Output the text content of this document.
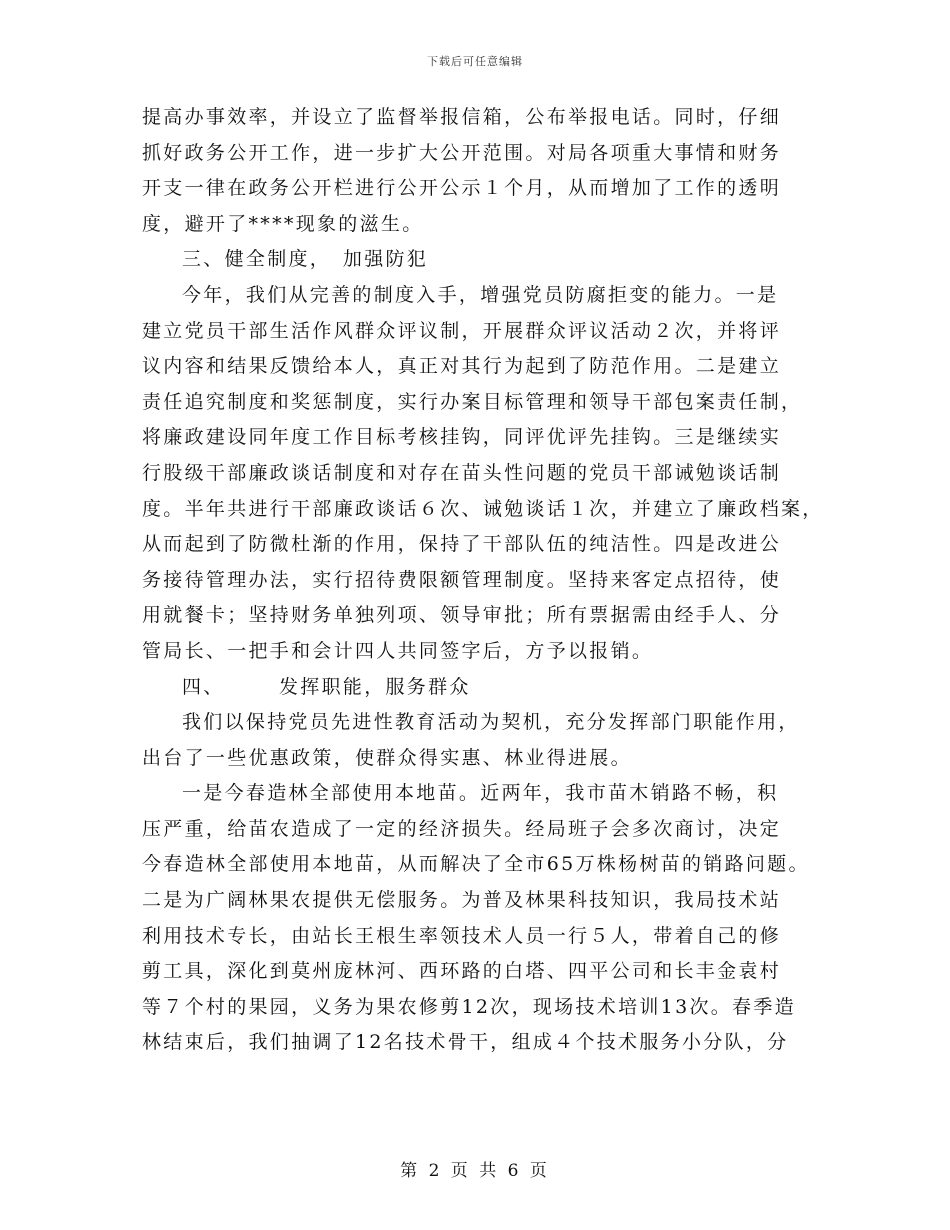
下载后可任意编辑
提高办事效率，并设立了监督举报信箱，公布举报电话。同时，仔细
抓好政务公开工作，进一步扩大公开范围。对局各项重大事情和财务
开支一律在政务公开栏进行公开公示１个月，从而增加了工作的透明
度，避开了****现象的滋生。
三、健全制度，　加强防犯
今年，我们从完善的制度入手，增强党员防腐拒变的能力。一是
建立党员干部生活作风群众评议制，开展群众评议活动２次，并将评
议内容和结果反馈给本人，真正对其行为起到了防范作用。二是建立
责任追究制度和奖惩制度，实行办案目标管理和领导干部包案责任制，
将廉政建设同年度工作目标考核挂钩，同评优评先挂钩。三是继续实
行股级干部廉政谈话制度和对存在苗头性问题的党员干部诫勉谈话制
度。半年共进行干部廉政谈话６次、诫勉谈话１次，并建立了廉政档案，
从而起到了防微杜渐的作用，保持了干部队伍的纯洁性。四是改进公
务接待管理办法，实行招待费限额管理制度。坚持来客定点招待，使
用就餐卡；坚持财务单独列项、领导审批；所有票据需由经手人、分
管局长、一把手和会计四人共同签字后，方予以报销。
四、　　　发挥职能，服务群众
我们以保持党员先进性教育活动为契机，充分发挥部门职能作用，
出台了一些优惠政策，使群众得实惠、林业得进展。
一是今春造林全部使用本地苗。近两年，我市苗木销路不畅，积
压严重，给苗农造成了一定的经济损失。经局班子会多次商讨，决定
今春造林全部使用本地苗，从而解决了全市65万株杨树苗的销路问题。
二是为广阔林果农提供无偿服务。为普及林果科技知识，我局技术站
利用技术专长，由站长王根生率领技术人员一行５人，带着自己的修
剪工具，深化到莫州庞林河、西环路的白塔、四平公司和长丰金袁村
等７个村的果园，义务为果农修剪12次，现场技术培训13次。春季造
林结束后，我们抽调了12名技术骨干，组成４个技术服务小分队，分
第 2 页 共 6 页
